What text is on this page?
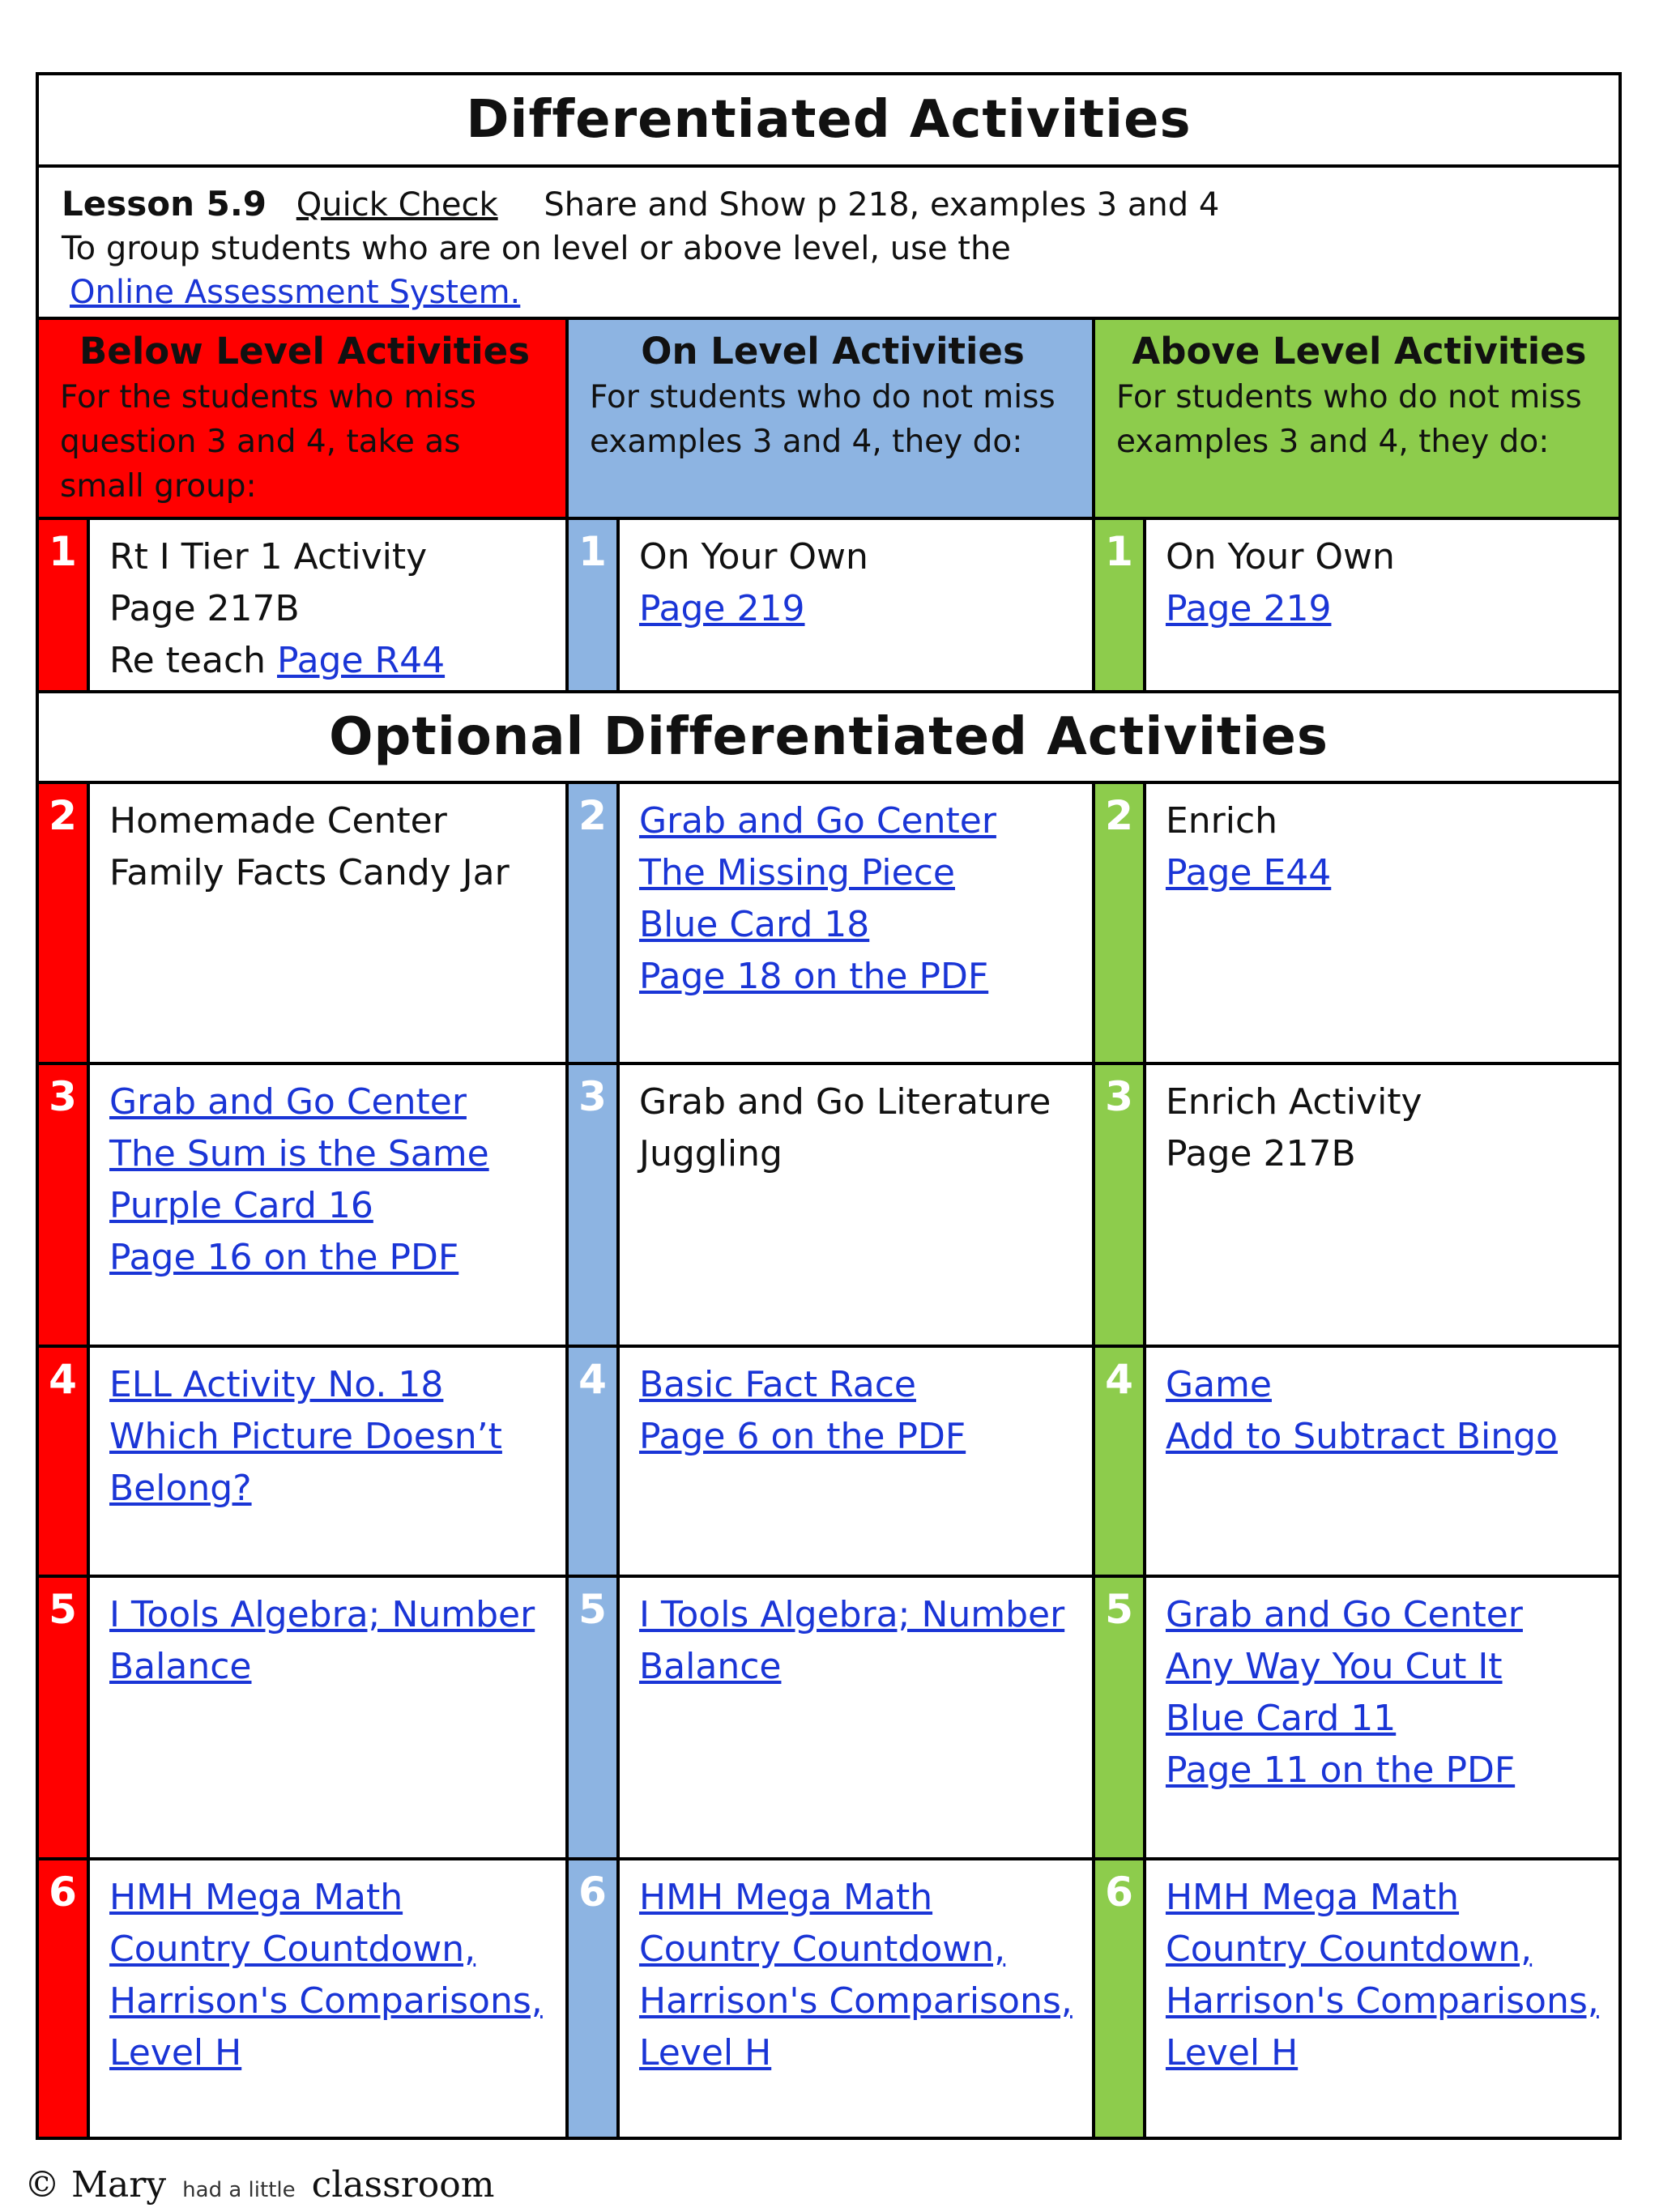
Differentiated Activities
Lesson 5.9 Quick Check Share and Show p 218, examples 3 and 4
To group students who are on level or above level, use the
Online Assessment System.
Below Level Activities
For the students who miss question 3 and 4, take as small group:
On Level Activities
For students who do not miss examples 3 and 4, they do:
Above Level Activities
For students who do not miss examples 3 and 4, they do:
1 Rt I Tier 1 Activity
Page 217B
Re teach Page R44
1 On Your Own
Page 219
1 On Your Own
Page 219
Optional Differentiated Activities
2 Homemade Center
Family Facts Candy Jar
2 Grab and Go Center
The Missing Piece
Blue Card 18
Page 18 on the PDF
2 Enrich
Page E44
3 Grab and Go Center
The Sum is the Same
Purple Card 16
Page 16 on the PDF
3 Grab and Go Literature
Juggling
3 Enrich Activity
Page 217B
4 ELL Activity No. 18
Which Picture Doesn’t
Belong?
4 Basic Fact Race
Page 6 on the PDF
4 Game
Add to Subtract Bingo
5 I Tools Algebra; Number
Balance
5 I Tools Algebra; Number
Balance
5 Grab and Go Center
Any Way You Cut It
Blue Card 11
Page 11 on the PDF
6 HMH Mega Math
Country Countdown,
Harrison's Comparisons,
Level H
6 HMH Mega Math
Country Countdown,
Harrison's Comparisons,
Level H
6 HMH Mega Math
Country Countdown,
Harrison's Comparisons,
Level H
© Mary had a little classroom
